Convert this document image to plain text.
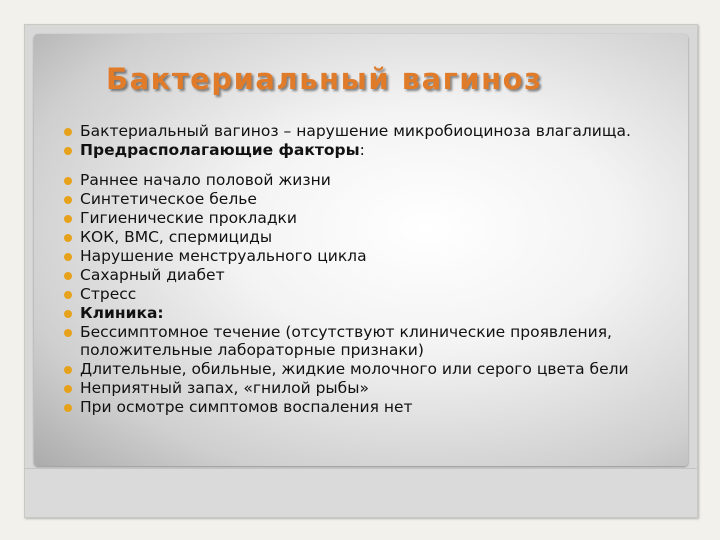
Бактериальный вагиноз
Бактериальный вагиноз – нарушение микробиоциноза влагалища.
Предрасполагающие факторы:
Раннее начало половой жизни
Синтетическое белье
Гигиенические прокладки
КОК, ВМС, спермициды
Нарушение менструального цикла
Сахарный диабет
Стресс
Клиника:
Бессимптомное течение (отсутствуют клинические проявления, положительные лабораторные признаки)
Длительные, обильные, жидкие молочного или серого цвета бели
Неприятный запах, «гнилой рыбы»
При осмотре симптомов воспаления нет
